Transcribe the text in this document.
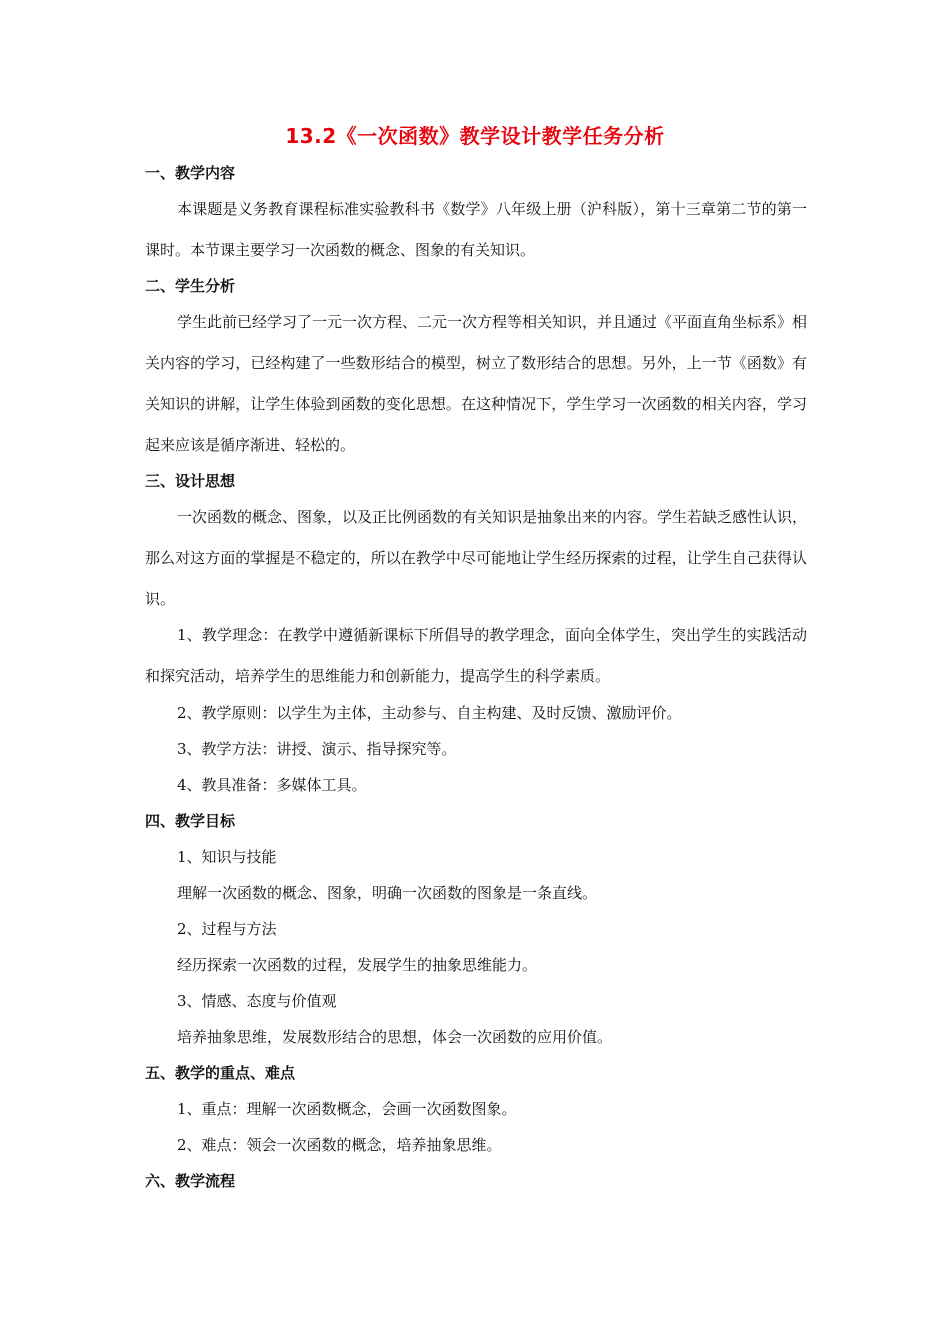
13.2《一次函数》教学设计教学任务分析
一、教学内容
本课题是义务教育课程标准实验教科书《数学》八年级上册（沪科版），第十三章第二节的第一课时。本节课主要学习一次函数的概念、图象的有关知识。
二、学生分析
学生此前已经学习了一元一次方程、二元一次方程等相关知识，并且通过《平面直角坐标系》相关内容的学习，已经构建了一些数形结合的模型，树立了数形结合的思想。另外，上一节《函数》有关知识的讲解，让学生体验到函数的变化思想。在这种情况下，学生学习一次函数的相关内容，学习起来应该是循序渐进、轻松的。
三、设计思想
一次函数的概念、图象，以及正比例函数的有关知识是抽象出来的内容。学生若缺乏感性认识，那么对这方面的掌握是不稳定的，所以在教学中尽可能地让学生经历探索的过程，让学生自己获得认识。
1、教学理念：在教学中遵循新课标下所倡导的教学理念，面向全体学生，突出学生的实践活动和探究活动，培养学生的思维能力和创新能力，提高学生的科学素质。
2、教学原则：以学生为主体，主动参与、自主构建、及时反馈、激励评价。
3、教学方法：讲授、演示、指导探究等。
4、教具准备：多媒体工具。
四、教学目标
1、知识与技能
理解一次函数的概念、图象，明确一次函数的图象是一条直线。
2、过程与方法
经历探索一次函数的过程，发展学生的抽象思维能力。
3、情感、态度与价值观
培养抽象思维，发展数形结合的思想，体会一次函数的应用价值。
五、教学的重点、难点
1、重点：理解一次函数概念，会画一次函数图象。
2、难点：领会一次函数的概念，培养抽象思维。
六、教学流程
